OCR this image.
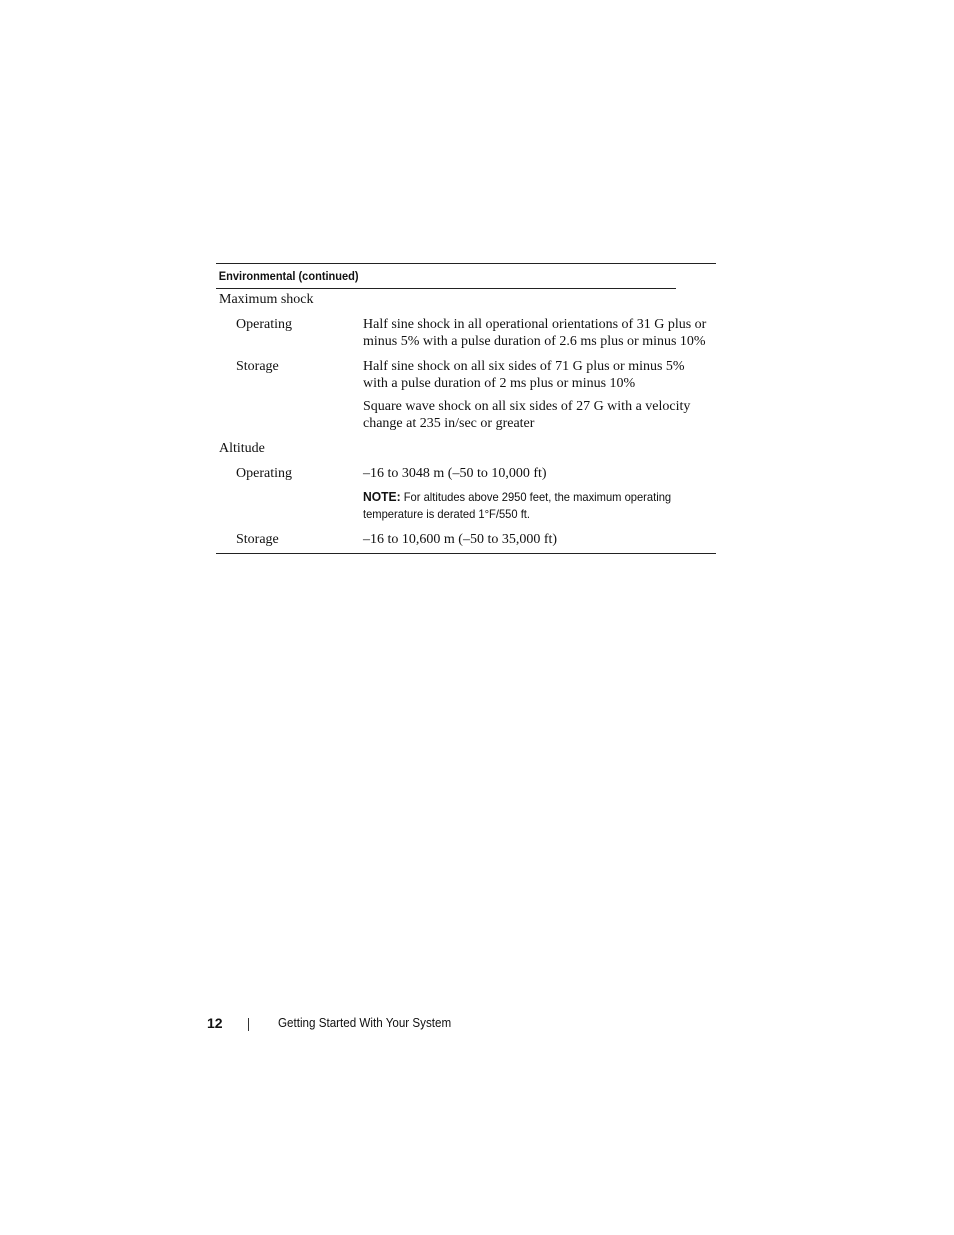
Environmental (continued)
Maximum shock
Operating	Half sine shock in all operational orientations of 31 G plus or minus 5% with a pulse duration of 2.6 ms plus or minus 10%

Storage	Half sine shock on all six sides of 71 G plus or minus 5% with a pulse duration of 2 ms plus or minus 10%

Square wave shock on all six sides of 27 G with a velocity change at 235 in/sec or greater

Altitude
Operating	–16 to 3048 m (–50 to 10,000 ft)

NOTE: For altitudes above 2950 feet, the maximum operating temperature is derated 1°F/550 ft.
Storage	–16 to 10,600 m (–50 to 35,000 ft)

12	Getting Started With Your System
